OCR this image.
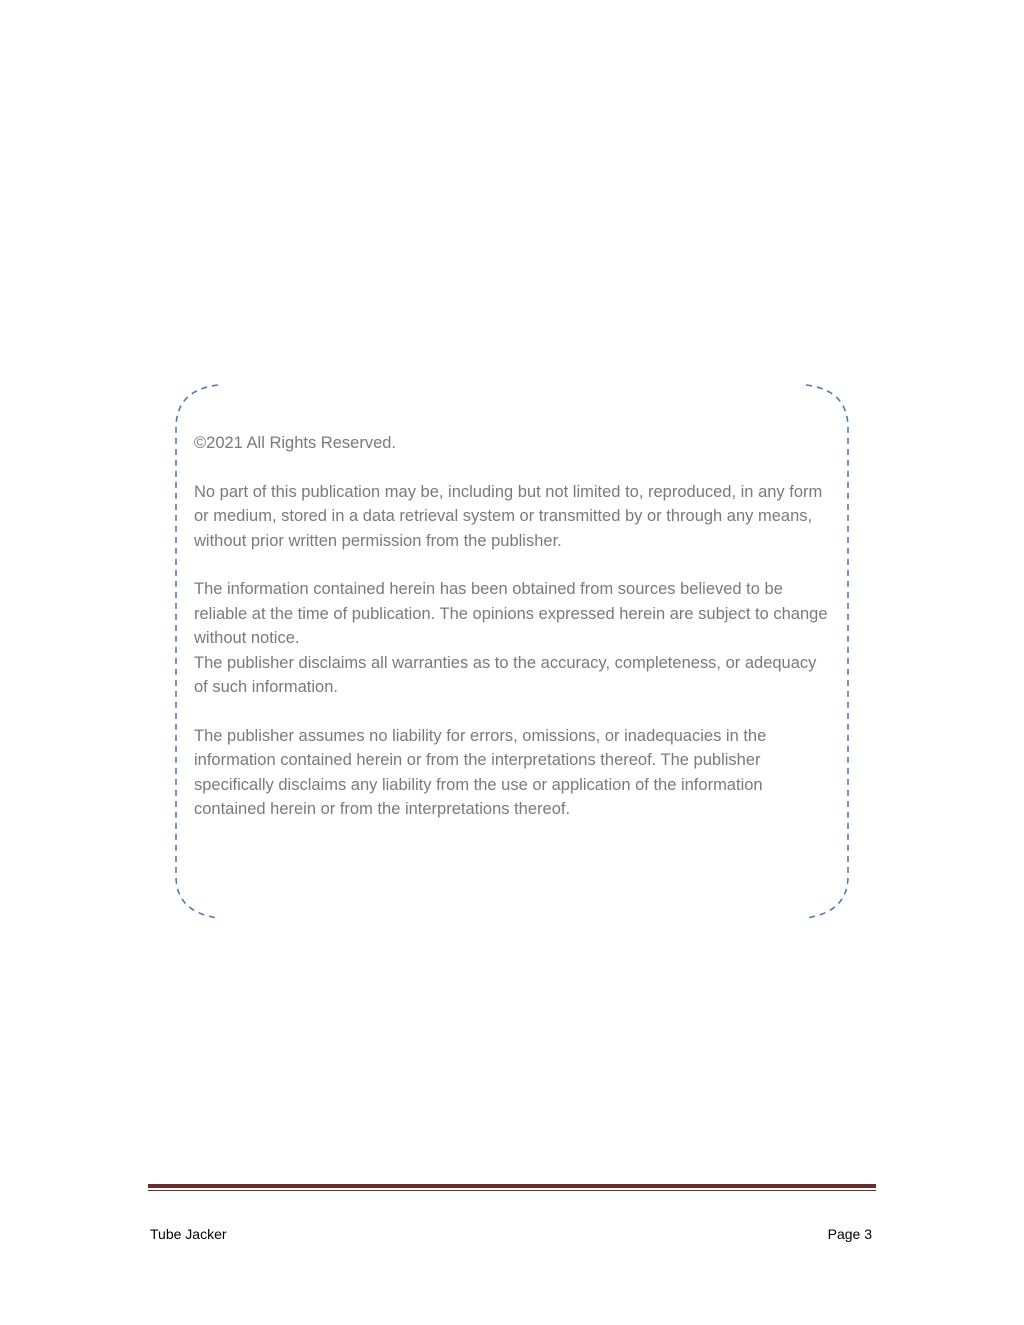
©2021 All Rights Reserved.

No part of this publication may be, including but not limited to, reproduced, in any form or medium, stored in a data retrieval system or transmitted by or through any means, without prior written permission from the publisher.

The information contained herein has been obtained from sources believed to be reliable at the time of publication. The opinions expressed herein are subject to change without notice.

The publisher disclaims all warranties as to the accuracy, completeness, or adequacy of such information.

The publisher assumes no liability for errors, omissions, or inadequacies in the information contained herein or from the interpretations thereof. The publisher specifically disclaims any liability from the use or application of the information contained herein or from the interpretations thereof.

Tube Jacker	Page 3
